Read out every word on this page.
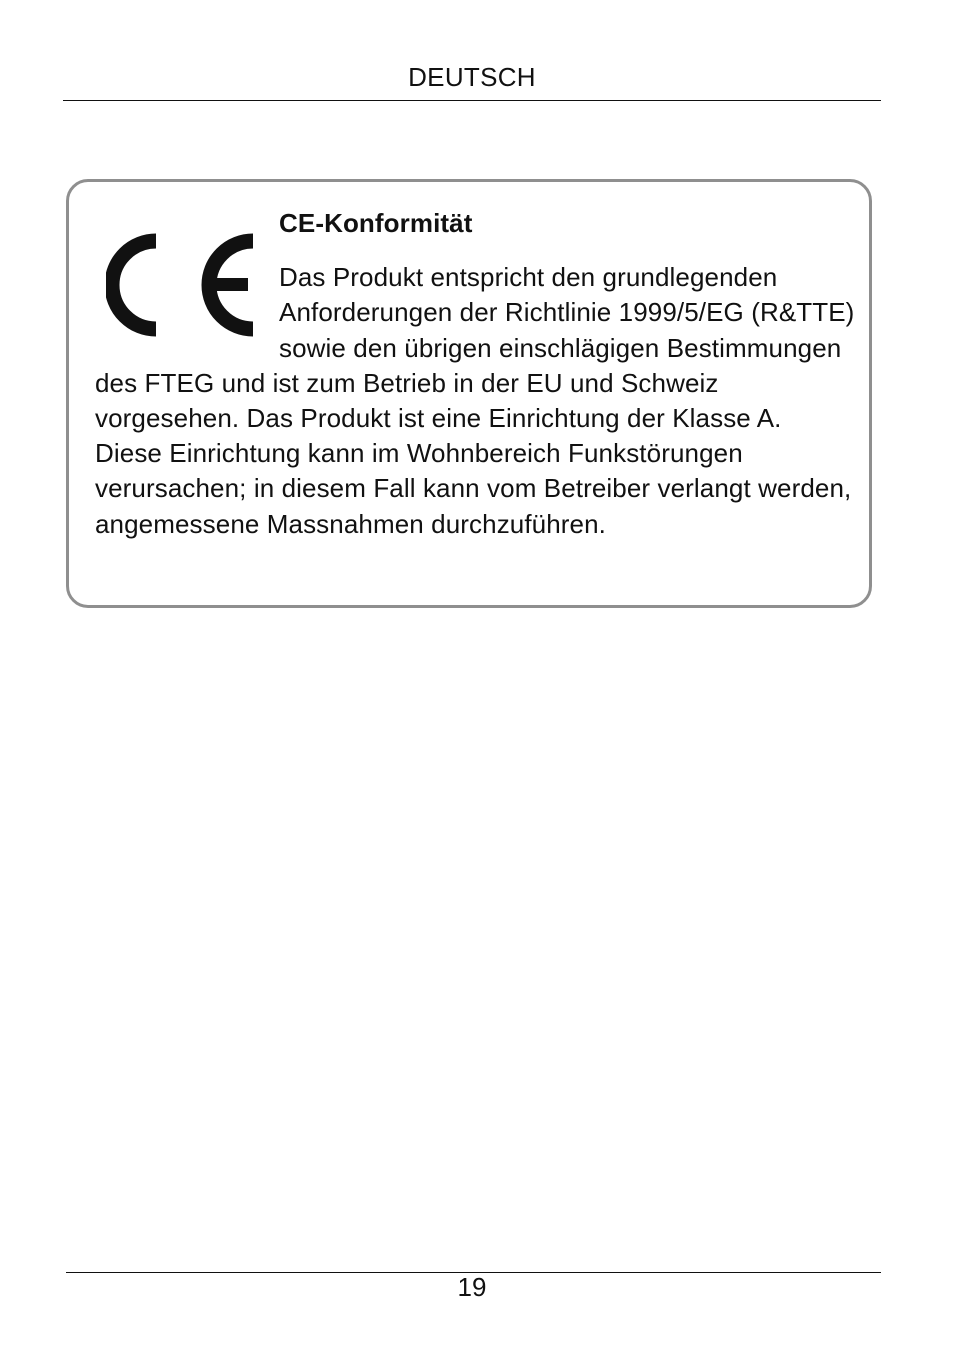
DEUTSCH
CE-Konformität

Das Produkt entspricht den grundlegenden Anforderungen der Richtlinie 1999/5/EG (R&TTE) sowie den übrigen einschlägigen Bestimmungen des FTEG und ist zum Betrieb in der EU und Schweiz vorgesehen. Das Produkt ist eine Einrichtung der Klasse A. Diese Einrichtung kann im Wohnbereich Funkstörungen verursachen; in diesem Fall kann vom Betreiber verlangt werden, angemessene Massnahmen durchzuführen.

19
